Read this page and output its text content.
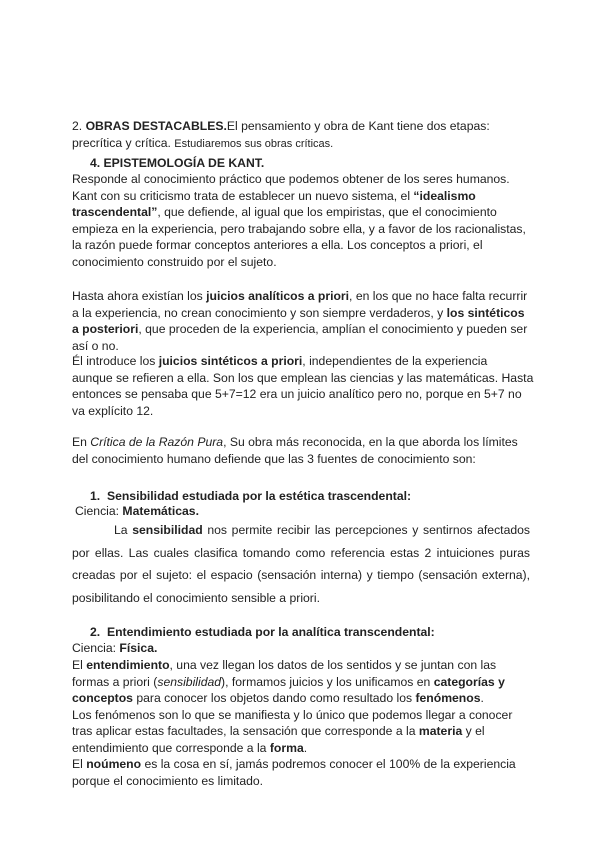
2. OBRAS DESTACABLES.El pensamiento y obra de Kant tiene dos etapas:
precrítica y crítica. Estudiaremos sus obras críticas.
4. EPISTEMOLOGÍA DE KANT.
Responde al conocimiento práctico que podemos obtener de los seres humanos.
Kant con su criticismo trata de establecer un nuevo sistema, el “idealismo
trascendental”, que defiende, al igual que los empiristas, que el conocimiento
empieza en la experiencia, pero trabajando sobre ella, y a favor de los racionalistas,
la razón puede formar conceptos anteriores a ella. Los conceptos a priori, el
conocimiento construido por el sujeto.
Hasta ahora existían los juicios analíticos a priori, en los que no hace falta recurrir
a la experiencia, no crean conocimiento y son siempre verdaderos, y los sintéticos
a posteriori, que proceden de la experiencia, amplían el conocimiento y pueden ser
así o no.
Él introduce los juicios sintéticos a priori, independientes de la experiencia
aunque se refieren a ella. Son los que emplean las ciencias y las matemáticas. Hasta
entonces se pensaba que 5+7=12 era un juicio analítico pero no, porque en 5+7 no
va explícito 12.
En Crítica de la Razón Pura, Su obra más reconocida, en la que aborda los límites
del conocimiento humano defiende que las 3 fuentes de conocimiento son:
1. Sensibilidad estudiada por la estética trascendental:
Ciencia: Matemáticas.
La sensibilidad nos permite recibir las percepciones y sentirnos afectados
por ellas. Las cuales clasifica tomando como referencia estas 2 intuiciones puras
creadas por el sujeto: el espacio (sensación interna) y tiempo (sensación externa),
posibilitando el conocimiento sensible a priori.
2. Entendimiento estudiada por la analítica transcendental:
Ciencia: Física.
El entendimiento, una vez llegan los datos de los sentidos y se juntan con las
formas a priori (sensibilidad), formamos juicios y los unificamos en categorías y
conceptos para conocer los objetos dando como resultado los fenómenos.
Los fenómenos son lo que se manifiesta y lo único que podemos llegar a conocer
tras aplicar estas facultades, la sensación que corresponde a la materia y el
entendimiento que corresponde a la forma.
El noúmeno es la cosa en sí, jamás podremos conocer el 100% de la experiencia
porque el conocimiento es limitado.
